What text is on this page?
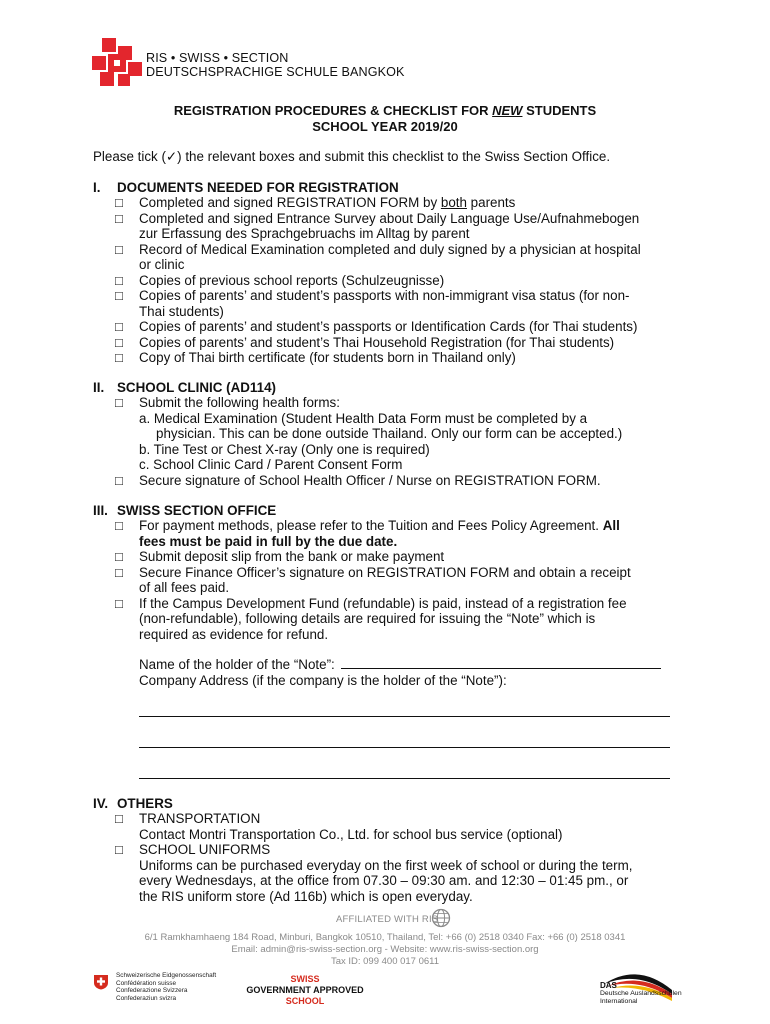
RIS • SWISS • SECTION
DEUTSCHSPRACHIGE SCHULE BANGKOK
REGISTRATION PROCEDURES & CHECKLIST FOR NEW STUDENTS
SCHOOL YEAR 2019/20
Please tick (✓) the relevant boxes and submit this checklist to the Swiss Section Office.
I. DOCUMENTS NEEDED FOR REGISTRATION
□ Completed and signed REGISTRATION FORM by both parents
□ Completed and signed Entrance Survey about Daily Language Use/Aufnahmebogen
zur Erfassung des Sprachgebruachs im Alltag by parent
□ Record of Medical Examination completed and duly signed by a physician at hospital
or clinic
□ Copies of previous school reports (Schulzeugnisse)
□ Copies of parents’ and student’s passports with non-immigrant visa status (for non-
Thai students)
□ Copies of parents’ and student’s passports or Identification Cards (for Thai students)
□ Copies of parents’ and student’s Thai Household Registration (for Thai students)
□ Copy of Thai birth certificate (for students born in Thailand only)
II. SCHOOL CLINIC (AD114)
□ Submit the following health forms:
a. Medical Examination (Student Health Data Form must be completed by a
physician. This can be done outside Thailand. Only our form can be accepted.)
b. Tine Test or Chest X-ray (Only one is required)
c. School Clinic Card / Parent Consent Form
□ Secure signature of School Health Officer / Nurse on REGISTRATION FORM.
III. SWISS SECTION OFFICE
□ For payment methods, please refer to the Tuition and Fees Policy Agreement. All
fees must be paid in full by the due date.
□ Submit deposit slip from the bank or make payment
□ Secure Finance Officer’s signature on REGISTRATION FORM and obtain a receipt
of all fees paid.
□ If the Campus Development Fund (refundable) is paid, instead of a registration fee
(non-refundable), following details are required for issuing the “Note” which is
required as evidence for refund.
Name of the holder of the “Note”:
Company Address (if the company is the holder of the “Note”):
IV. OTHERS
□ TRANSPORTATION
Contact Montri Transportation Co., Ltd. for school bus service (optional)
□ SCHOOL UNIFORMS
Uniforms can be purchased everyday on the first week of school or during the term,
every Wednesdays, at the office from 07.30 – 09:30 am. and 12:30 – 01:45 pm., or
the RIS uniform store (Ad 116b) which is open everyday.
AFFILIATED WITH RIS
6/1 Ramkhamhaeng 184 Road, Minburi, Bangkok 10510, Thailand, Tel: +66 (0) 2518 0340 Fax: +66 (0) 2518 0341
Email: admin@ris-swiss-section.org - Website: www.ris-swiss-section.org
Tax ID: 099 400 017 0611
Schweizerische Eidgenossenschaft
Confédération suisse
Confederazione Svizzera
Confederaziun svizra
SWISS
GOVERNMENT APPROVED
SCHOOL
DAS
Deutsche Auslandsschulen
International
